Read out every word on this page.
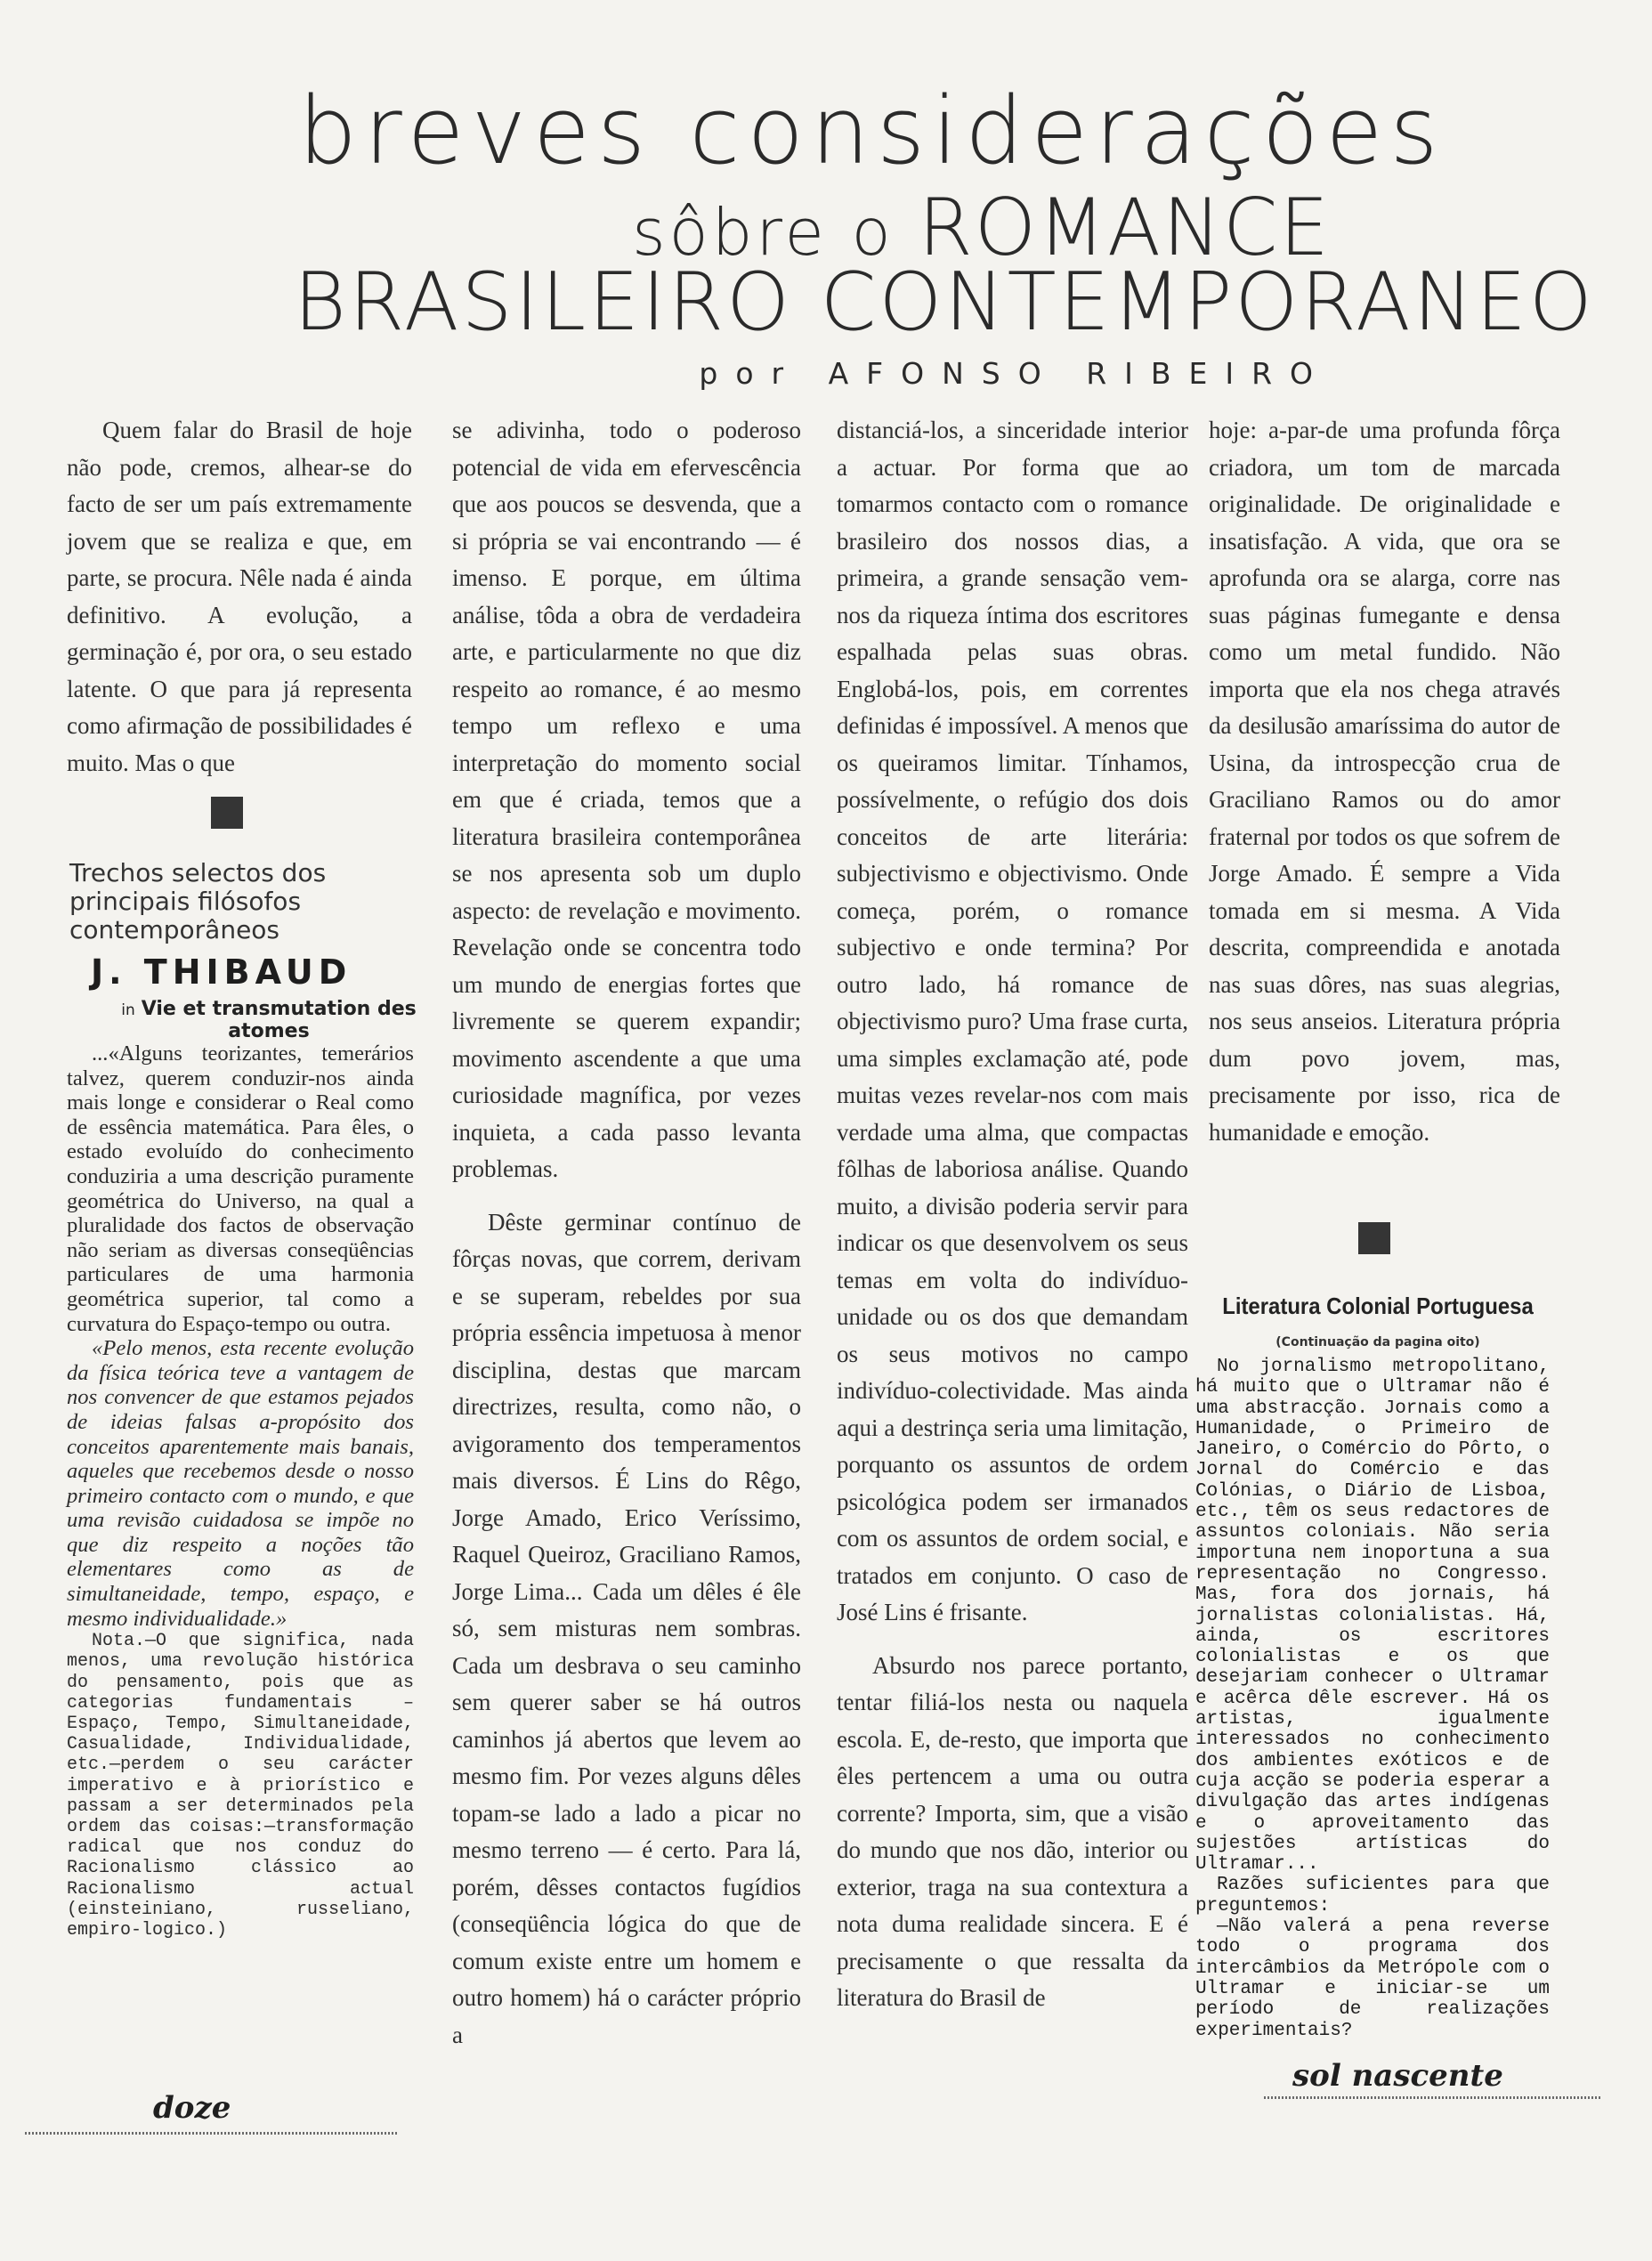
breves considerações
sôbre o ROMANCE
BRASILEIRO CONTEMPORANEO
por AFONSO RIBEIRO

Quem falar do Brasil de hoje não pode, cremos, alhear-se do facto de ser um país extremamente jovem que se realiza e que, em parte, se procura. Nêle nada é ainda definitivo. A evolução, a germinação é, por ora, o seu estado latente. O que para já representa como afirmação de possibilidades é muito. Mas o que

Trechos selectos dos principais filósofos contemporâneos
J. THIBAUD
in Vie et transmutation des atomes

...«Alguns teorizantes, temerários talvez, querem conduzir-nos ainda mais longe e considerar o Real como de essência matemática. Para êles, o estado evoluído do conhecimento conduziria a uma descrição puramente geométrica do Universo, na qual a pluralidade dos factos de observação não seriam as diversas conseqüências particulares de uma harmonia geométrica superior, tal como a curvatura do Espaço-tempo ou outra.

«Pelo menos, esta recente evolução da física teórica teve a vantagem de nos convencer de que estamos pejados de ideias falsas a-propósito dos conceitos aparentemente mais banais, aqueles que recebemos desde o nosso primeiro contacto com o mundo, e que uma revisão cuidadosa se impõe no que diz respeito a noções tão elementares como as de simultaneidade, tempo, espaço, e mesmo individualidade.»

Nota.—O que significa, nada menos, uma revolução histórica do pensamento, pois que as categorias fundamentais – Espaço, Tempo, Simultaneidade, Casualidade, Individualidade, etc.—perdem o seu carácter imperativo e à priorístico e passam a ser determinados pela ordem das coisas:—transformação radical que nos conduz do Racionalismo clássico ao Racionalismo actual (einsteiniano, russeliano, empiro-logico.)

se adivinha, todo o poderoso potencial de vida em efervescência que aos poucos se desvenda, que a si própria se vai encontrando — é imenso. E porque, em última análise, tôda a obra de verdadeira arte, e particularmente no que diz respeito ao romance, é ao mesmo tempo um reflexo e uma interpretação do momento social em que é criada, temos que a literatura brasileira contemporânea se nos apresenta sob um duplo aspecto: de revelação e movimento. Revelação onde se concentra todo um mundo de energias fortes que livremente se querem expandir; movimento ascendente a que uma curiosidade magnífica, por vezes inquieta, a cada passo levanta problemas.

Dêste germinar contínuo de fôrças novas, que correm, derivam e se superam, rebeldes por sua própria essência impetuosa à menor disciplina, destas que marcam directrizes, resulta, como não, o avigoramento dos temperamentos mais diversos. É Lins do Rêgo, Jorge Amado, Erico Veríssimo, Raquel Queiroz, Graciliano Ramos, Jorge Lima... Cada um dêles é êle só, sem misturas nem sombras. Cada um desbrava o seu caminho sem querer saber se há outros caminhos já abertos que levem ao mesmo fim. Por vezes alguns dêles topam-se lado a lado a picar no mesmo terreno — é certo. Para lá, porém, dêsses contactos fugídios (conseqüência lógica do que de comum existe entre um homem e outro homem) há o carácter próprio a

distanciá-los, a sinceridade interior a actuar. Por forma que ao tomarmos contacto com o romance brasileiro dos nossos dias, a primeira, a grande sensação vem-nos da riqueza íntima dos escritores espalhada pelas suas obras. Englobá-los, pois, em correntes definidas é impossível. A menos que os queiramos limitar. Tínhamos, possívelmente, o refúgio dos dois conceitos de arte literária: subjectivismo e objectivismo. Onde começa, porém, o romance subjectivo e onde termina? Por outro lado, há romance de objectivismo puro? Uma frase curta, uma simples exclamação até, pode muitas vezes revelar-nos com mais verdade uma alma, que compactas fôlhas de laboriosa análise. Quando muito, a divisão poderia servir para indicar os que desenvolvem os seus temas em volta do indivíduo-unidade ou os dos que demandam os seus motivos no campo indivíduo-colectividade. Mas ainda aqui a destrinça seria uma limitação, porquanto os assuntos de ordem psicológica podem ser irmanados com os assuntos de ordem social, e tratados em conjunto. O caso de José Lins é frisante.

Absurdo nos parece portanto, tentar filiá-los nesta ou naquela escola. E, de-resto, que importa que êles pertencem a uma ou outra corrente? Importa, sim, que a visão do mundo que nos dão, interior ou exterior, traga na sua contextura a nota duma realidade sincera. E é precisamente o que ressalta da literatura do Brasil de

hoje: a-par-de uma profunda fôrça criadora, um tom de marcada originalidade. De originalidade e insatisfação. A vida, que ora se aprofunda ora se alarga, corre nas suas páginas fumegante e densa como um metal fundido. Não importa que ela nos chega através da desilusão amaríssima do autor de Usina, da introspecção crua de Graciliano Ramos ou do amor fraternal por todos os que sofrem de Jorge Amado. É sempre a Vida tomada em si mesma. A Vida descrita, compreendida e anotada nas suas dôres, nas suas alegrias, nos seus anseios. Literatura própria dum povo jovem, mas, precisamente por isso, rica de humanidade e emoção.

Literatura Colonial Portuguesa
(Continuação da pagina oito)

No jornalismo metropolitano, há muito que o Ultramar não é uma abstracção. Jornais como a Humanidade, o Primeiro de Janeiro, o Comércio do Pôrto, o Jornal do Comércio e das Colónias, o Diário de Lisboa, etc., têm os seus redactores de assuntos coloniais. Não seria importuna nem inoportuna a sua representação no Congresso. Mas, fora dos jornais, há jornalistas colonialistas. Há, ainda, os escritores colonialistas e os que desejariam conhecer o Ultramar e acêrca dêle escrever. Há os artistas, igualmente interessados no conhecimento dos ambientes exóticos e de cuja acção se poderia esperar a divulgação das artes indígenas e o aproveitamento das sujestões artísticas do Ultramar...

Razões suficientes para que preguntemos:

—Não valerá a pena reverse todo o programa dos intercâmbios da Metrópole com o Ultramar e iniciar-se um período de realizações experimentais?

doze
sol nascente
